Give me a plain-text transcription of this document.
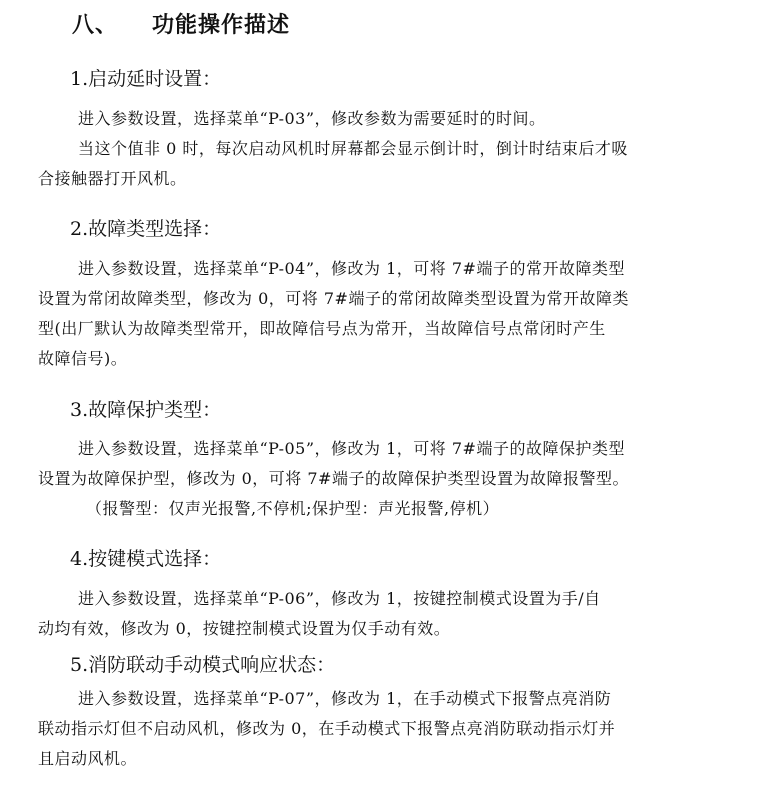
八、 功能操作描述
1.启动延时设置：
进入参数设置，选择菜单“P-03”，修改参数为需要延时的时间。
当这个值非 0 时，每次启动风机时屏幕都会显示倒计时，倒计时结束后才吸
合接触器打开风机。
2.故障类型选择：
进入参数设置，选择菜单“P-04”，修改为 1，可将 7#端子的常开故障类型
设置为常闭故障类型，修改为 0，可将 7#端子的常闭故障类型设置为常开故障类
型(出厂默认为故障类型常开，即故障信号点为常开，当故障信号点常闭时产生
故障信号)。
3.故障保护类型：
进入参数设置，选择菜单“P-05”，修改为 1，可将 7#端子的故障保护类型
设置为故障保护型，修改为 0，可将 7#端子的故障保护类型设置为故障报警型。
（报警型：仅声光报警,不停机;保护型：声光报警,停机）
4.按键模式选择：
进入参数设置，选择菜单“P-06”，修改为 1，按键控制模式设置为手/自
动均有效，修改为 0，按键控制模式设置为仅手动有效。
5.消防联动手动模式响应状态：
进入参数设置，选择菜单“P-07”，修改为 1，在手动模式下报警点亮消防
联动指示灯但不启动风机，修改为 0，在手动模式下报警点亮消防联动指示灯并
且启动风机。
